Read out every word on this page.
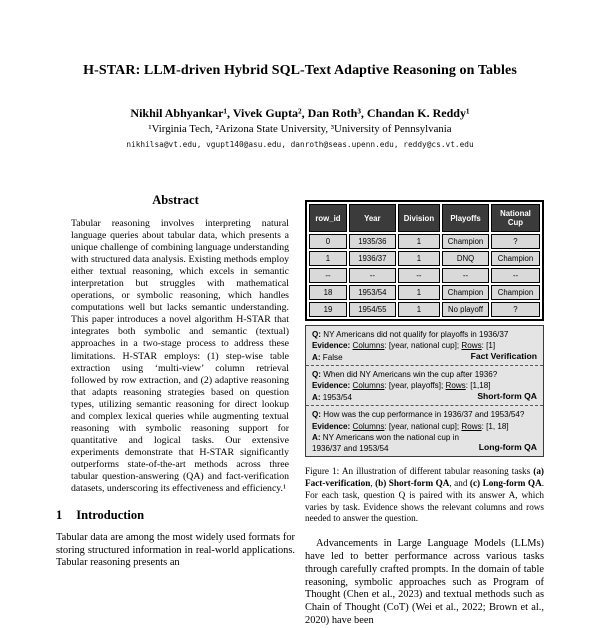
H-STAR: LLM-driven Hybrid SQL-Text Adaptive Reasoning on Tables
Nikhil Abhyankar¹, Vivek Gupta², Dan Roth³, Chandan K. Reddy¹
¹Virginia Tech, ²Arizona State University, ³University of Pennsylvania
nikhilsa@vt.edu, vgupt140@asu.edu, danroth@seas.upenn.edu, reddy@cs.vt.edu
Abstract
Tabular reasoning involves interpreting natural language queries about tabular data, which presents a unique challenge of combining language understanding with structured data analysis. Existing methods employ either textual reasoning, which excels in semantic interpretation but struggles with mathematical operations, or symbolic reasoning, which handles computations well but lacks semantic understanding. This paper introduces a novel algorithm H-STAR that integrates both symbolic and semantic (textual) approaches in a two-stage process to address these limitations. H-STAR employs: (1) step-wise table extraction using ‘multi-view’ column retrieval followed by row extraction, and (2) adaptive reasoning that adapts reasoning strategies based on question types, utilizing semantic reasoning for direct lookup and complex lexical queries while augmenting textual reasoning with symbolic reasoning support for quantitative and logical tasks. Our extensive experiments demonstrate that H-STAR significantly outperforms state-of-the-art methods across three tabular question-answering (QA) and fact-verification datasets, underscoring its effectiveness and efficiency.¹
1 Introduction
Tabular data are among the most widely used formats for storing structured information in real-world applications. Tabular reasoning presents an
row_id	Year	Division	Playoffs	National Cup
0	1935/36	1	Champion	?
1	1936/37	1	DNQ	Champion
--	--	--	--	--
18	1953/54	1	Champion	Champion
19	1954/55	1	No playoff	?
Q: NY Americans did not qualify for playoffs in 1936/37
Evidence: Columns: [year, national cup]; Rows: [1]
A: False	Fact Verification
Q: When did NY Americans win the cup after 1936?
Evidence: Columns: [year, playoffs]; Rows: [1,18]
A: 1953/54	Short-form QA
Q: How was the cup performance in 1936/37 and 1953/54?
Evidence: Columns: [year, national cup]; Rows: [1, 18]
A: NY Americans won the national cup in 1936/37 and 1953/54	Long-form QA
Figure 1: An illustration of different tabular reasoning tasks (a) Fact-verification, (b) Short-form QA, and (c) Long-form QA. For each task, question Q is paired with its answer A, which varies by task. Evidence shows the relevant columns and rows needed to answer the question.
Advancements in Large Language Models (LLMs) have led to better performance across various tasks through carefully crafted prompts. In the domain of table reasoning, symbolic approaches such as Program of Thought (Chen et al., 2023) and textual methods such as Chain of Thought (CoT) (Wei et al., 2022; Brown et al., 2020) have been
